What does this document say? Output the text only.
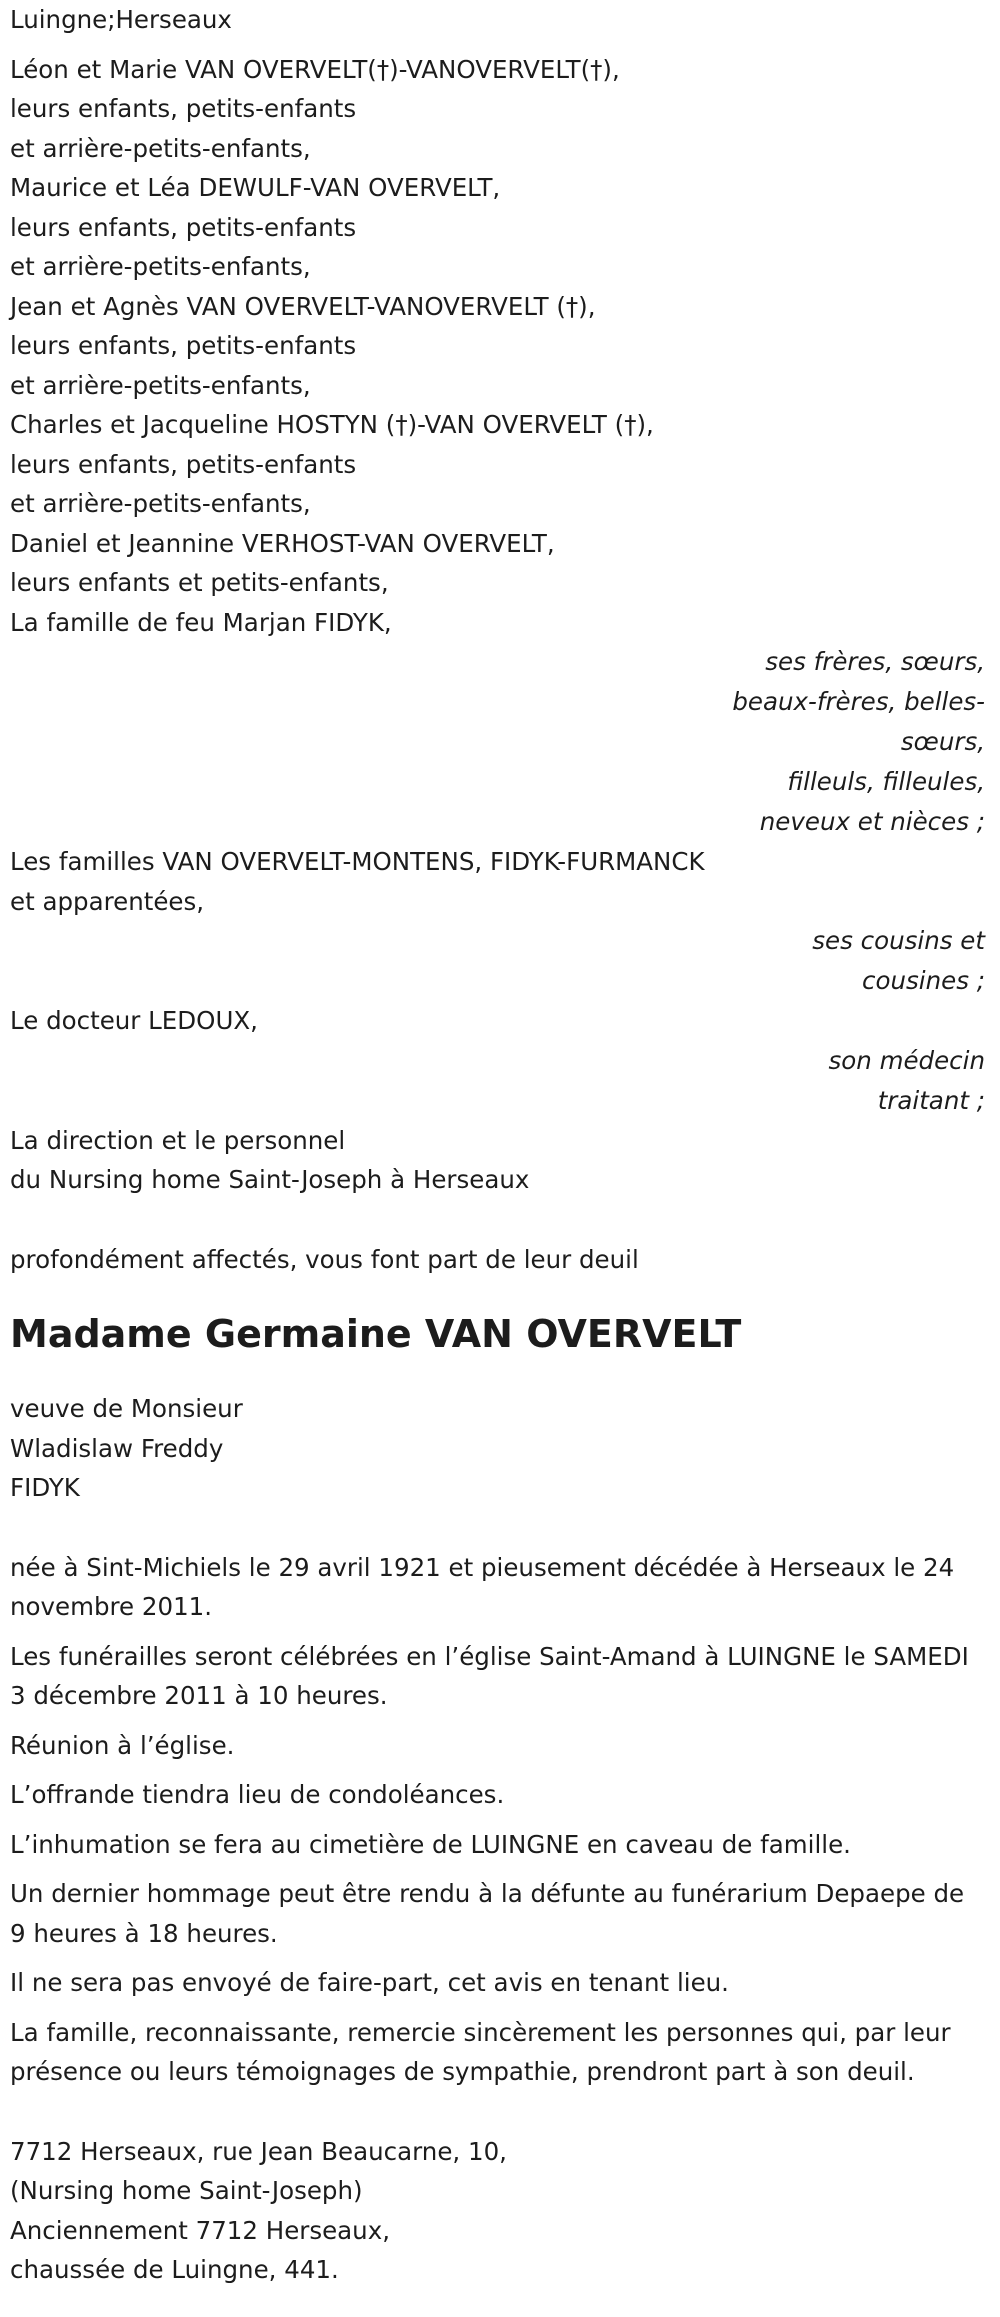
Luingne;Herseaux

Léon et Marie VAN OVERVELT(†)-VANOVERVELT(†),

leurs enfants, petits-enfants

et arrière-petits-enfants,

Maurice et Léa DEWULF-VAN OVERVELT,

leurs enfants, petits-enfants

et arrière-petits-enfants,

Jean et Agnès VAN OVERVELT-VANOVERVELT (†),

leurs enfants, petits-enfants

et arrière-petits-enfants,

Charles et Jacqueline HOSTYN (†)-VAN OVERVELT (†),

leurs enfants, petits-enfants

et arrière-petits-enfants,

Daniel et Jeannine VERHOST-VAN OVERVELT,

leurs enfants et petits-enfants,

La famille de feu Marjan FIDYK,

ses frères, sœurs,

beaux-frères, belles-sœurs,

filleuls, filleules,

neveux et nièces ;

Les familles VAN OVERVELT-MONTENS, FIDYK-FURMANCK

et apparentées,

ses cousins et

cousines ;

Le docteur LEDOUX,

son médecin

traitant ;

La direction et le personnel

du Nursing home Saint-Joseph à Herseaux

profondément affectés, vous font part de leur deuil

Madame Germaine VAN OVERVELT

veuve de Monsieur

Wladislaw Freddy

FIDYK

née à Sint-Michiels le 29 avril 1921 et pieusement décédée à Herseaux le 24 novembre 2011.

Les funérailles seront célébrées en l’église Saint-Amand à LUINGNE le SAMEDI 3 décembre 2011 à 10 heures.

Réunion à l’église.

L’offrande tiendra lieu de condoléances.

L’inhumation se fera au cimetière de LUINGNE en caveau de famille.

Un dernier hommage peut être rendu à la défunte au funérarium Depaepe de 9 heures à 18 heures.

Il ne sera pas envoyé de faire-part, cet avis en tenant lieu.

La famille, reconnaissante, remercie sincèrement les personnes qui, par leur présence ou leurs témoignages de sympathie, prendront part à son deuil.

7712 Herseaux, rue Jean Beaucarne, 10,

(Nursing home Saint-Joseph)

Anciennement 7712 Herseaux,

chaussée de Luingne, 441.
